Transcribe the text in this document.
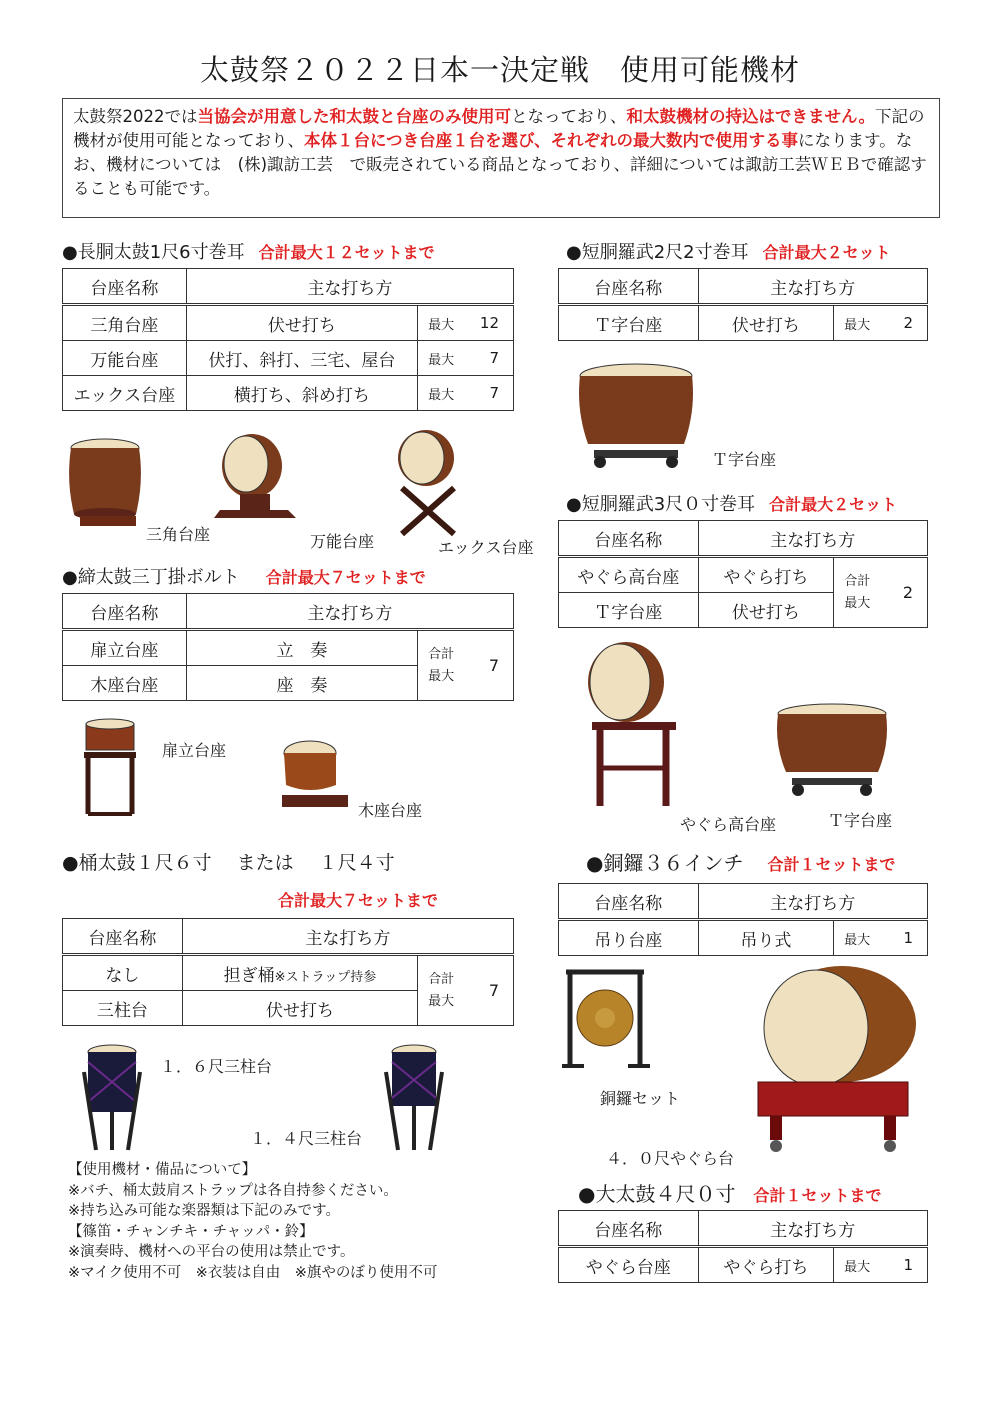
太鼓祭２０２２日本一決定戦　使用可能機材
太鼓祭2022では当協会が用意した和太鼓と台座のみ使用可となっており、和太鼓機材の持込はできません。下記の機材が使用可能となっており、本体１台につき台座１台を選び、それぞれの最大数内で使用する事になります。なお、機材については　(株)諏訪工芸　で販売されている商品となっており、詳細については諏訪工芸ＷＥＢで確認することも可能です。
●長胴太鼓1尺6寸巻耳 合計最大１２セットまで
台座名称	主な打ち方	
三角台座	伏せ打ち	最大 12

万能台座	伏打、斜打、三宅、屋台	最大 7

エックス台座	横打ち、斜め打ち	最大 7
三角台座	万能台座	エックス台座
●締太鼓三丁掛ボルト 合計最大７セットまで
台座名称	主な打ち方	
扉立台座	立　奏	合計
最大
7

木座台座	座　奏	
扉立台座
木座台座
●桶太鼓１尺６寸　 または　 １尺４寸
合計最大７セットまで
台座名称	主な打ち方	
なし	担ぎ桶※ストラップ持参	合計
最大
7

三柱台	伏せ打ち	
１．６尺三柱台
１．４尺三柱台
【使用機材・備品について】
※バチ、桶太鼓肩ストラップは各自持参ください。
※持ち込み可能な楽器類は下記のみです。
【篠笛・チャンチキ・チャッパ・鈴】
※演奏時、機材への平台の使用は禁止です。
※マイク使用不可　※衣装は自由　※旗やのぼり使用不可
●短胴羅武2尺2寸巻耳 合計最大２セット
台座名称	主な打ち方	
Ｔ字台座	伏せ打ち	最大 2
Ｔ字台座
●短胴羅武3尺０寸巻耳 合計最大２セット
台座名称	主な打ち方	
やぐら高台座	やぐら打ち	合計
最大
2

Ｔ字台座	伏せ打ち	
やぐら高台座	Ｔ字台座
●銅鑼３６インチ 合計１セットまで
台座名称	主な打ち方	
吊り台座	吊り式	最大 1
銅鑼セット
４．０尺やぐら台
●大太鼓４尺０寸 合計１セットまで
台座名称	主な打ち方	
やぐら台座	やぐら打ち	最大 1
